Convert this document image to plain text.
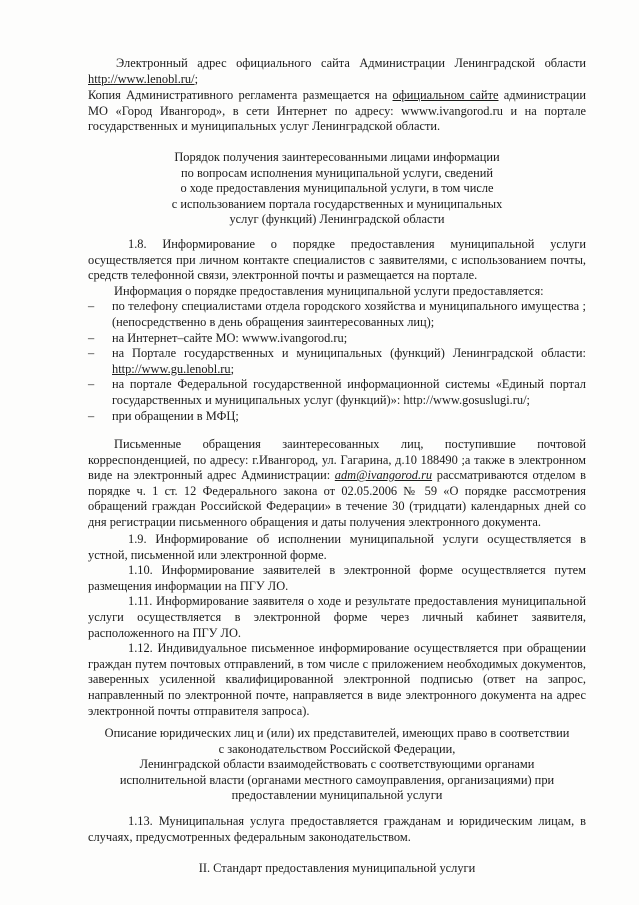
Электронный адрес официального сайта Администрации Ленинградской области http://www.lenobl.ru/;

Копия Административного регламента размещается на официальном сайте администрации МО «Город Ивангород», в сети Интернет по адресу: wwww.ivangorod.ru и на портале государственных и муниципальных услуг Ленинградской области.

Порядок получения заинтересованными лицами информации

по вопросам исполнения муниципальной услуги, сведений

о ходе предоставления муниципальной услуги, в том числе

с использованием портала государственных и муниципальных

услуг (функций) Ленинградской области

1.8. Информирование о порядке предоставления муниципальной услуги осуществляется при личном контакте специалистов с заявителями, с использованием почты, средств телефонной связи, электронной почты и размещается на портале.

Информация о порядке предоставления муниципальной услуги предоставляется:

– по телефону специалистами отдела городского хозяйства и муниципального имущества ; (непосредственно в день обращения заинтересованных лиц);
– на Интернет–сайте МО: wwww.ivangorod.ru;
– на Портале государственных и муниципальных (функций) Ленинградской области: http://www.gu.lenobl.ru;
– на портале Федеральной государственной информационной системы «Единый портал государственных и муниципальных услуг (функций)»: http://www.gosuslugi.ru/;
– при обращении в МФЦ;

Письменные обращения заинтересованных лиц, поступившие почтовой корреспонденцией, по адресу: г.Ивангород, ул. Гагарина, д.10 188490 ;а также в электронном виде на электронный адрес Администрации: adm@ivangorod.ru рассматриваются отделом в порядке ч. 1 ст. 12 Федерального закона от 02.05.2006 № 59 «О порядке рассмотрения обращений граждан Российской Федерации» в течение 30 (тридцати) календарных дней со дня регистрации письменного обращения и даты получения электронного документа.

1.9. Информирование об исполнении муниципальной услуги осуществляется в устной, письменной или электронной форме.

1.10. Информирование заявителей в электронной форме осуществляется путем размещения информации на ПГУ ЛО.

1.11. Информирование заявителя о ходе и результате предоставления муниципальной услуги осуществляется в электронной форме через личный кабинет заявителя, расположенного на ПГУ ЛО.

1.12. Индивидуальное письменное информирование осуществляется при обращении граждан путем почтовых отправлений, в том числе с приложением необходимых документов, заверенных усиленной квалифицированной электронной подписью (ответ на запрос, направленный по электронной почте, направляется в виде электронного документа на адрес электронной почты отправителя запроса).

Описание юридических лиц и (или) их представителей, имеющих право в соответствии

с законодательством Российской Федерации,

Ленинградской области взаимодействовать с соответствующими органами

исполнительной власти (органами местного самоуправления, организациями) при

предоставлении муниципальной услуги

1.13. Муниципальная услуга предоставляется гражданам и юридическим лицам, в случаях, предусмотренных федеральным законодательством.

II. Стандарт предоставления муниципальной услуги
